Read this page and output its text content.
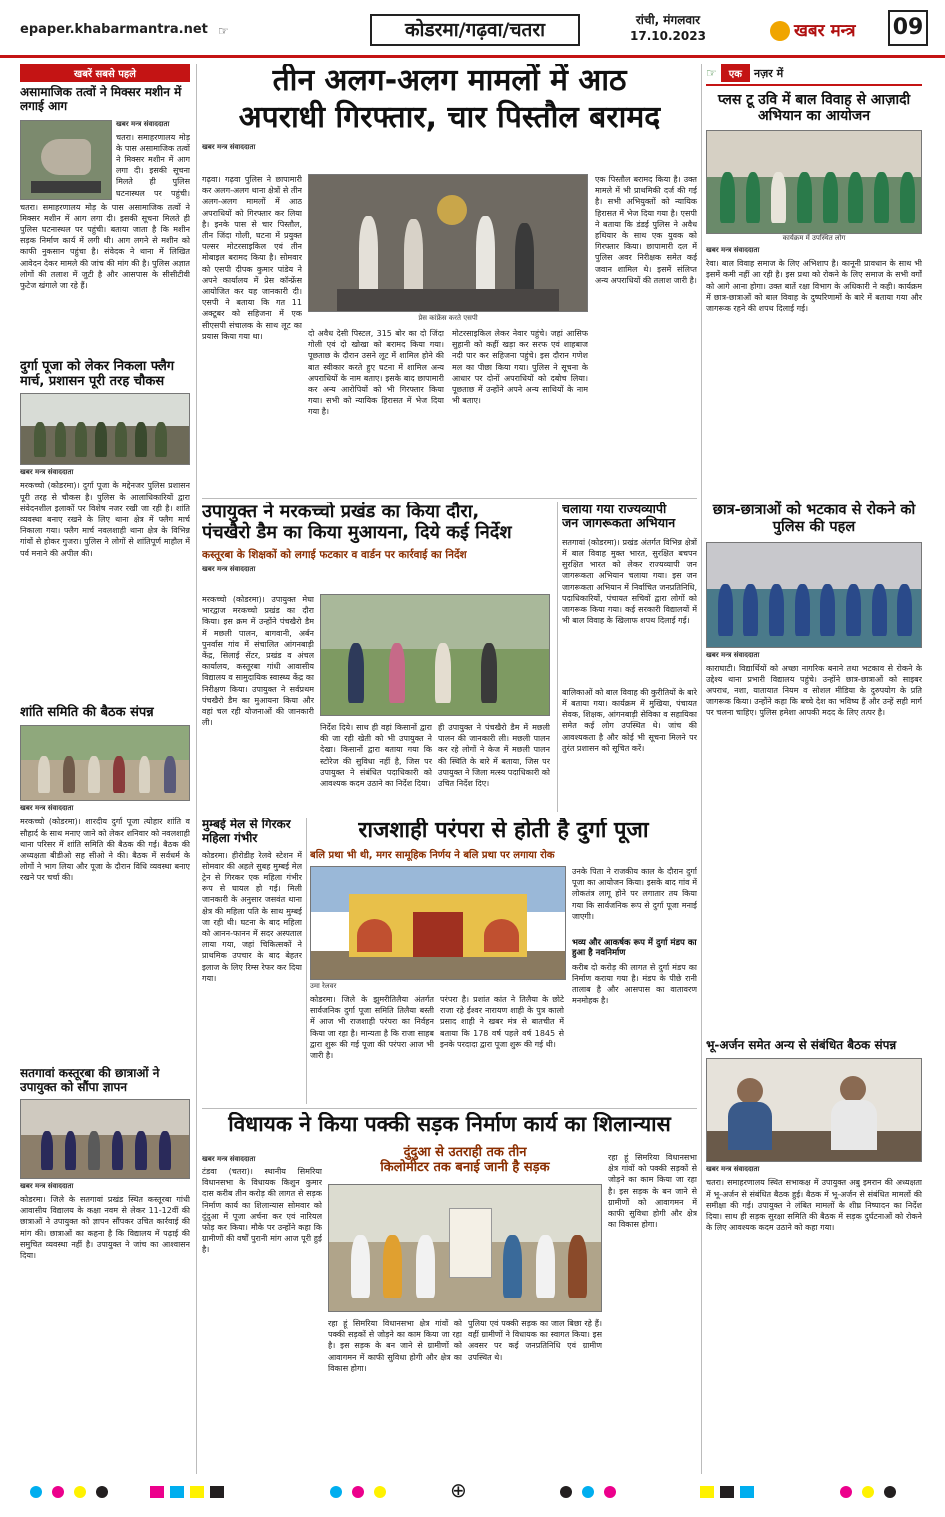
epaper.khabarmantra.net ☞	कोडरमा/गढ़वा/चतरा	रांची, मंगलवार
17.10.2023	खबर मन्त्र 09
खबरें सबसे पहले
असामाजिक तत्वों ने मिक्सर मशीन में लगाई आग
खबर मन्त्र संवाददाता
चतरा। समाहरणालय मोड़ के पास असामाजिक तत्वों ने मिक्सर मशीन में आग लगा दी। इसकी सूचना मिलते ही पुलिस घटनास्थल पर पहुंची।
चतरा। समाहरणालय मोड़ के पास असामाजिक तत्वों ने मिक्सर मशीन में आग लगा दी। इसकी सूचना मिलते ही पुलिस घटनास्थल पर पहुंची। बताया जाता है कि मशीन सड़क निर्माण कार्य में लगी थी। आग लगने से मशीन को काफी नुकसान पहुंचा है। संवेदक ने थाना में लिखित आवेदन देकर मामले की जांच की मांग की है। पुलिस अज्ञात लोगों की तलाश में जुटी है और आसपास के सीसीटीवी फुटेज खंगाले जा रहे हैं।
दुर्गा पूजा को लेकर निकला फ्लैग मार्च, प्रशासन पूरी तरह चौकस
खबर मन्त्र संवाददाता
मरकच्चो (कोडरमा)। दुर्गा पूजा के मद्देनजर पुलिस प्रशासन पूरी तरह से चौकस है। पुलिस के आलाधिकारियों द्वारा संवेदनशील इलाकों पर विशेष नजर रखी जा रही है। शांति व्यवस्था बनाए रखने के लिए थाना क्षेत्र में फ्लैग मार्च निकाला गया। फ्लैग मार्च नवलशाही थाना क्षेत्र के विभिन्न गांवों से होकर गुजरा। पुलिस ने लोगों से शांतिपूर्ण माहौल में पर्व मनाने की अपील की।
शांति समिति की बैठक संपन्न
खबर मन्त्र संवाददाता
मरकच्चो (कोडरमा)। शारदीय दुर्गा पूजा त्योहार शांति व सौहार्द के साथ मनाए जाने को लेकर शनिवार को नवलशाही थाना परिसर में शांति समिति की बैठक की गई। बैठक की अध्यक्षता बीडीओ सह सीओ ने की। बैठक में सर्वधर्म के लोगों ने भाग लिया और पूजा के दौरान विधि व्यवस्था बनाए रखने पर चर्चा की।
सतगावां कस्तूरबा की छात्राओं ने उपायुक्त को सौंपा ज्ञापन
खबर मन्त्र संवाददाता
कोडरमा। जिले के सतगावां प्रखंड स्थित कस्तूरबा गांधी आवासीय विद्यालय के कक्षा नवम से लेकर 11-12वीं की छात्राओं ने उपायुक्त को ज्ञापन सौंपकर उचित कार्रवाई की मांग की। छात्राओं का कहना है कि विद्यालय में पढ़ाई की समुचित व्यवस्था नहीं है। उपायुक्त ने जांच का आश्वासन दिया।
तीन अलग-अलग मामलों में आठ
अपराधी गिरफ्तार, चार पिस्तौल बरामद
खबर मन्त्र संवाददाता
गढ़वा। गढ़वा पुलिस ने छापामारी कर अलग-अलग थाना क्षेत्रों से तीन अलग-अलग मामलों में आठ अपराधियों को गिरफ्तार कर लिया है। इनके पास से चार पिस्तौल, तीन जिंदा गोली, घटना में प्रयुक्त पल्सर मोटरसाइकिल एवं तीन मोबाइल बरामद किया है। सोमवार को एसपी दीपक कुमार पांडेय ने अपने कार्यालय में प्रेस कॉन्फ्रेंस आयोजित कर यह जानकारी दी। एसपी ने बताया कि गत 11 अक्टूबर को सहिजना में एक सीएसपी संचालक के साथ लूट का प्रयास किया गया था।
प्रेस कांफ्रेंस करते एसपी
दो अवैध देसी पिस्टल, 315 बोर का दो जिंदा गोली एवं दो खोखा को बरामद किया गया। पूछताछ के दौरान उसने लूट में शामिल होने की बात स्वीकार करते हुए घटना में शामिल अन्य अपराधियों के नाम बताए। इसके बाद छापामारी कर अन्य आरोपियों को भी गिरफ्तार किया गया। सभी को न्यायिक हिरासत में भेज दिया गया है।
मोटरसाइकिल लेकर नेवार पहुंचे। जहां आसिफ सुहानी को कहीं खड़ा कर सरफ एवं शाहबाज नदी पार कर सहिजना पहुंचे। इस दौरान गणेश मल का पीछा किया गया। पुलिस ने सूचना के आधार पर दोनों अपराधियों को दबोच लिया। पूछताछ में उन्होंने अपने अन्य साथियों के नाम भी बताए।
एक पिस्तौल बरामद किया है। उक्त मामले में भी प्राथमिकी दर्ज की गई है। सभी अभियुक्तों को न्यायिक हिरासत में भेज दिया गया है। एसपी ने बताया कि डंडई पुलिस ने अवैध हथियार के साथ एक युवक को गिरफ्तार किया। छापामारी दल में पुलिस अवर निरीक्षक समेत कई जवान शामिल थे। इसमें संलिप्त अन्य अपराधियों की तलाश जारी है।
उपायुक्त ने मरकच्चो प्रखंड का किया दौरा,
पंचखैरो डैम का किया मुआयना, दिये कई निर्देश
कस्तूरबा के शिक्षकों को लगाई फटकार व वार्डन पर कार्रवाई का निर्देश
खबर मन्त्र संवाददाता
मरकच्चो (कोडरमा)। उपायुक्त मेघा भारद्वाज मरकच्चो प्रखंड का दौरा किया। इस क्रम में उन्होंने पंचखैरो डैम में मछली पालन, बागवानी, अर्बन पुनर्वास गांव में संचालित आंगनबाड़ी केंद्र, सिलाई सेंटर, प्रखंड व अंचल कार्यालय, कस्तूरबा गांधी आवासीय विद्यालय व सामुदायिक स्वास्थ्य केंद्र का निरीक्षण किया। उपायुक्त ने सर्वप्रथम पंचखैरो डैम का मुआयना किया और वहां चल रही योजनाओं की जानकारी ली।
निर्देश दिये। साथ ही वहां किसानों द्वारा की जा रही खेती को भी उपायुक्त ने देखा। किसानों द्वारा बताया गया कि स्टोरेज की सुविधा नहीं है, जिस पर उपायुक्त ने संबंधित पदाधिकारी को आवश्यक कदम उठाने का निर्देश दिया।
ही उपायुक्त ने पंचखैरो डैम में मछली पालन की जानकारी ली। मछली पालन कर रहे लोगों ने केज में मछली पालन की स्थिति के बारे में बताया, जिस पर उपायुक्त ने जिला मत्स्य पदाधिकारी को उचित निर्देश दिए।
चलाया गया राज्यव्यापी
जन जागरूकता अभियान
सतगावां (कोडरमा)। प्रखंड अंतर्गत विभिन्न क्षेत्रों में बाल विवाह मुक्त भारत, सुरक्षित बचपन सुरक्षित भारत को लेकर राज्यव्यापी जन जागरूकता अभियान चलाया गया। इस जन जागरूकता अभियान में निर्वाचित जनप्रतिनिधि, पदाधिकारियों, पंचायत सचिवों द्वारा लोगों को जागरूक किया गया। कई सरकारी विद्यालयों में भी बाल विवाह के खिलाफ शपथ दिलाई गई।
बालिकाओं को बाल विवाह की कुरीतियों के बारे में बताया गया। कार्यक्रम में मुखिया, पंचायत सेवक, शिक्षक, आंगनबाड़ी सेविका व सहायिका समेत कई लोग उपस्थित थे। जांच की आवश्यकता है और कोई भी सूचना मिलने पर तुरंत प्रशासन को सूचित करें।
मुम्बई मेल से गिरकर महिला गंभीर
कोडरमा। हीरोडीह रेलवे स्टेशन में सोमवार की अहले सुबह मुम्बई मेल ट्रेन से गिरकर एक महिला गंभीर रूप से घायल हो गई। मिली जानकारी के अनुसार जसवंत थाना क्षेत्र की महिला पति के साथ मुम्बई जा रही थी। घटना के बाद महिला को आनन-फानन में सदर अस्पताल लाया गया, जहां चिकित्सकों ने प्राथमिक उपचार के बाद बेहतर इलाज के लिए रिम्स रेफर कर दिया गया।
राजशाही परंपरा से होती है दुर्गा पूजा
बलि प्रथा भी थी, मगर सामूहिक निर्णय ने बलि प्रथा पर लगाया रोक
उमा रेलवर
कोडरमा। जिले के झुमरीतिलैया अंतर्गत सार्वजनिक दुर्गा पूजा समिति तिलैया बस्ती में आज भी राजशाही परंपरा का निर्वहन किया जा रहा है। मान्यता है कि राजा साहब द्वारा शुरू की गई पूजा की परंपरा आज भी जारी है।
परंपरा है। प्रशांत कांत ने तिलैया के छोटे राजा रहे ईश्वर नारायण शाही के पुत्र कालो प्रसाद शाही ने खबर मंत्र से बातचीत में बताया कि 178 वर्ष पहले वर्ष 1845 से इनके परदादा द्वारा पूजा शुरू की गई थी।
उनके पिता ने राजकीय काल के दौरान दुर्गा पूजा का आयोजन किया। इसके बाद गांव में लोकतंत्र लागू होने पर लगातार तय किया गया कि सार्वजनिक रूप से दुर्गा पूजा मनाई जाएगी।
भव्य और आकर्षक रूप में दुर्गा मंडप का हुआ है नवनिर्माण
करीब दो करोड़ की लागत से दुर्गा मंडप का निर्माण कराया गया है। मंडप के पीछे रानी तालाब है और आसपास का वातावरण मनमोहक है।
विधायक ने किया पक्की सड़क निर्माण कार्य का शिलान्यास
खबर मन्त्र संवाददाता
टंडवा (चतरा)। स्थानीय सिमरिया विधानसभा के विधायक किशुन कुमार दास करीब तीन करोड़ की लागत से सड़क निर्माण कार्य का शिलान्यास सोमवार को दुंदुआ में पूजा अर्चना कर एवं नारियल फोड़ कर किया। मौके पर उन्होंने कहा कि ग्रामीणों की वर्षों पुरानी मांग आज पूरी हुई है।
दुंदुआ से उतराही तक तीन
किलोमीटर तक बनाई जानी है सड़क
रहा हूं सिमरिया विधानसभा क्षेत्र गांवों को पक्की सड़कों से जोड़ने का काम किया जा रहा है। इस सड़क के बन जाने से ग्रामीणों को आवागमन में काफी सुविधा होगी और क्षेत्र का विकास होगा।
पुलिया एवं पक्की सड़क का जाल बिछा रहे हैं। वहीं ग्रामीणों ने विधायक का स्वागत किया। इस अवसर पर कई जनप्रतिनिधि एवं ग्रामीण उपस्थित थे।
रहा हूं सिमरिया विधानसभा क्षेत्र गांवों को पक्की सड़कों से जोड़ने का काम किया जा रहा है। इस सड़क के बन जाने से ग्रामीणों को आवागमन में काफी सुविधा होगी और क्षेत्र का विकास होगा।
☞	एक	नज़र में
प्लस टू उवि में बाल विवाह से आज़ादी अभियान का आयोजन
कार्यक्रम में उपस्थित लोग
खबर मन्त्र संवाददाता
रेवा। बाल विवाह समाज के लिए अभिशाप है। कानूनी प्रावधान के साथ भी इसमें कमी नहीं आ रही है। इस प्रथा को रोकने के लिए समाज के सभी वर्गों को आगे आना होगा। उक्त बातें रक्षा विभाग के अधिकारी ने कही। कार्यक्रम में छात्र-छात्राओं को बाल विवाह के दुष्परिणामों के बारे में बताया गया और जागरूक रहने की शपथ दिलाई गई।
छात्र-छात्राओं को भटकाव से रोकने को पुलिस की पहल
खबर मन्त्र संवाददाता
काराघाटी। विद्यार्थियों को अच्छा नागरिक बनाने तथा भटकाव से रोकने के उद्देश्य थाना प्रभारी विद्यालय पहुंचे। उन्होंने छात्र-छात्राओं को साइबर अपराध, नशा, यातायात नियम व सोशल मीडिया के दुरुपयोग के प्रति जागरूक किया। उन्होंने कहा कि बच्चे देश का भविष्य हैं और उन्हें सही मार्ग पर चलना चाहिए। पुलिस हमेशा आपकी मदद के लिए तत्पर है।
भू-अर्जन समेत अन्य से संबंधित बैठक संपन्न
खबर मन्त्र संवाददाता
चतरा। समाहरणालय स्थित सभाकक्ष में उपायुक्त अबु इमरान की अध्यक्षता में भू-अर्जन से संबंधित बैठक हुई। बैठक में भू-अर्जन से संबंधित मामलों की समीक्षा की गई। उपायुक्त ने लंबित मामलों के शीघ्र निष्पादन का निर्देश दिया। साथ ही सड़क सुरक्षा समिति की बैठक में सड़क दुर्घटनाओं को रोकने के लिए आवश्यक कदम उठाने को कहा गया।
⊕
